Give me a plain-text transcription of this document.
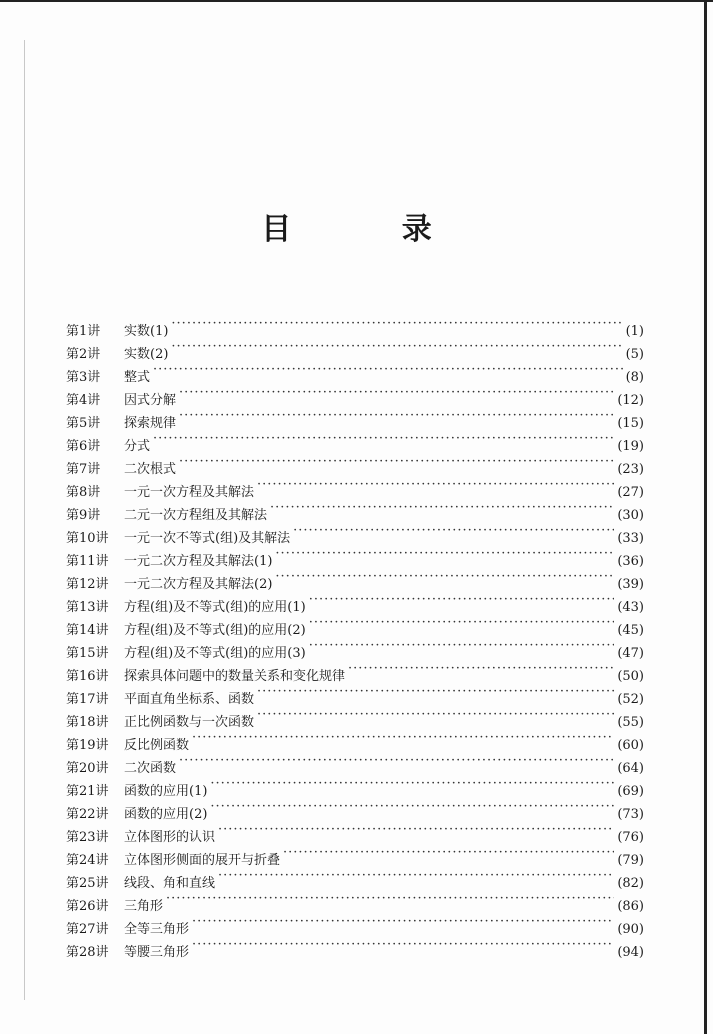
目 录
第1讲	实数(1) ·····	(1)
第2讲	实数(2) ·····	(5)
第3讲	整式 ·····	(8)
第4讲	因式分解 ·····	(12)
第5讲	探索规律 ·····	(15)
第6讲	分式 ·····	(19)
第7讲	二次根式 ·····	(23)
第8讲	一元一次方程及其解法 ·····	(27)
第9讲	二元一次方程组及其解法 ·····	(30)
第10讲	一元一次不等式(组)及其解法 ·····	(33)
第11讲	一元二次方程及其解法(1) ·····	(36)
第12讲	一元二次方程及其解法(2) ·····	(39)
第13讲	方程(组)及不等式(组)的应用(1) ·····	(43)
第14讲	方程(组)及不等式(组)的应用(2) ·····	(45)
第15讲	方程(组)及不等式(组)的应用(3) ·····	(47)
第16讲	探索具体问题中的数量关系和变化规律 ·····	(50)
第17讲	平面直角坐标系、函数 ·····	(52)
第18讲	正比例函数与一次函数 ·····	(55)
第19讲	反比例函数 ·····	(60)
第20讲	二次函数 ·····	(64)
第21讲	函数的应用(1) ·····	(69)
第22讲	函数的应用(2) ·····	(73)
第23讲	立体图形的认识 ·····	(76)
第24讲	立体图形侧面的展开与折叠 ·····	(79)
第25讲	线段、角和直线 ·····	(82)
第26讲	三角形 ·····	(86)
第27讲	全等三角形 ·····	(90)
第28讲	等腰三角形 ·····	(94)
